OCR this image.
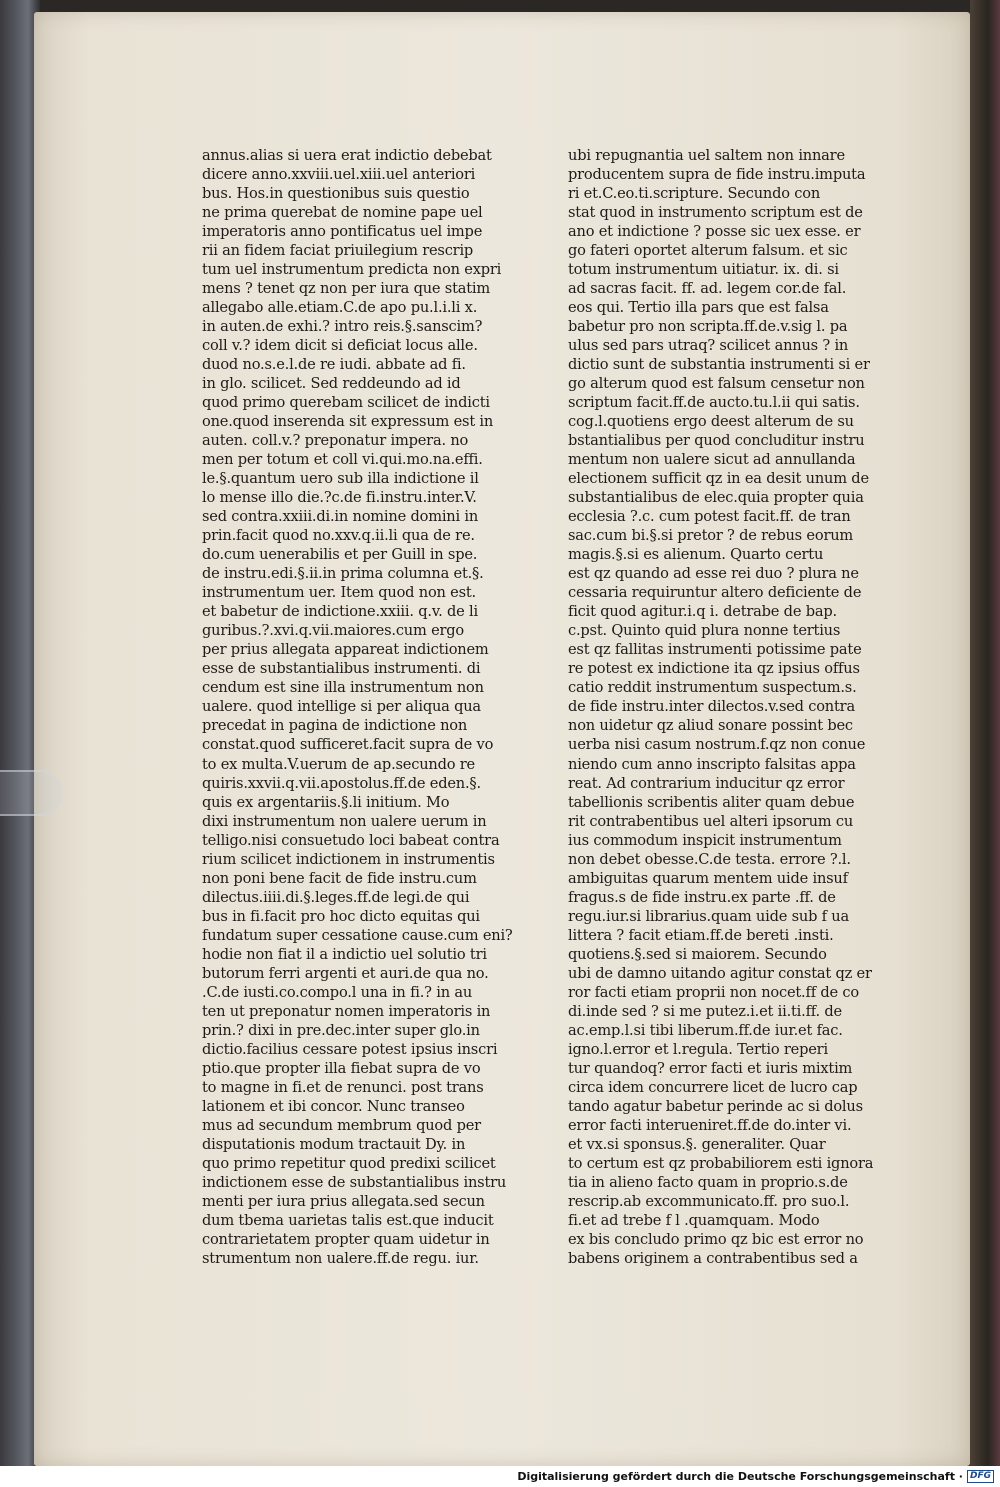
annus.alias si uera erat indictio debebat
dicere anno.xxviii.uel.xiii.uel anteriori
bus. Hos.in questionibus suis questio
ne prima querebat de nomine pape uel
imperatoris anno pontificatus uel impe
rii an fidem faciat priuilegium rescrip
tum uel instrumentum predicta non expri
mens ? tenet qz non per iura que statim
allegabo alle.etiam.C.de apo pu.l.i.li x.
in auten.de exhi.? intro reis.§.sanscim?
coll v.? idem dicit si deficiat locus alle.
duod no.s.e.l.de re iudi. abbate ad fi.
in glo. scilicet. Sed reddeundo ad id
quod primo querebam scilicet de indicti
one.quod inserenda sit expressum est in
auten. coll.v.? preponatur impera. no
men per totum et coll vi.qui.mo.na.effi.
le.§.quantum uero sub illa indictione il
lo mense illo die.?c.de fi.instru.inter.V.
sed contra.xxiii.di.in nomine domini in
prin.facit quod no.xxv.q.ii.li qua de re.
do.cum uenerabilis et per Guill in spe.
de instru.edi.§.ii.in prima columna et.§.
instrumentum uer. Item quod non est.
et babetur de indictione.xxiii. q.v. de li
guribus.?.xvi.q.vii.maiores.cum ergo
per prius allegata appareat indictionem
esse de substantialibus instrumenti. di
cendum est sine illa instrumentum non
ualere. quod intellige si per aliqua qua
precedat in pagina de indictione non
constat.quod sufficeret.facit supra de vo
to ex multa.V.uerum de ap.secundo re
quiris.xxvii.q.vii.apostolus.ff.de eden.§.
quis ex argentariis.§.li initium. Mo
dixi instrumentum non ualere uerum in
telligo.nisi consuetudo loci babeat contra
rium scilicet indictionem in instrumentis
non poni bene facit de fide instru.cum
dilectus.iiii.di.§.leges.ff.de legi.de qui
bus in fi.facit pro hoc dicto equitas qui
fundatum super cessatione cause.cum eni?
hodie non fiat il a indictio uel solutio tri
butorum ferri argenti et auri.de qua no.
.C.de iusti.co.compo.l una in fi.? in au
ten ut preponatur nomen imperatoris in
prin.? dixi in pre.dec.inter super glo.in
dictio.facilius cessare potest ipsius inscri
ptio.que propter illa fiebat supra de vo
to magne in fi.et de renunci. post trans
lationem et ibi concor. Nunc transeo
mus ad secundum membrum quod per
disputationis modum tractauit Dy. in
quo primo repetitur quod predixi scilicet
indictionem esse de substantialibus instru
menti per iura prius allegata.sed secun
dum tbema uarietas talis est.que inducit
contrarietatem propter quam uidetur in
strumentum non ualere.ff.de regu. iur.
ubi repugnantia uel saltem non innare
producentem supra de fide instru.imputa
ri et.C.eo.ti.scripture. Secundo con
stat quod in instrumento scriptum est de
ano et indictione ? posse sic uex esse. er
go fateri oportet alterum falsum. et sic
totum instrumentum uitiatur. ix. di. si
ad sacras facit. ff. ad. legem cor.de fal.
eos qui. Tertio illa pars que est falsa
babetur pro non scripta.ff.de.v.sig l. pa
ulus sed pars utraq? scilicet annus ? in
dictio sunt de substantia instrumenti si er
go alterum quod est falsum censetur non
scriptum facit.ff.de aucto.tu.l.ii qui satis.
cog.l.quotiens ergo deest alterum de su
bstantialibus per quod concluditur instru
mentum non ualere sicut ad annullanda
electionem sufficit qz in ea desit unum de
substantialibus de elec.quia propter quia
ecclesia ?.c. cum potest facit.ff. de tran
sac.cum bi.§.si pretor ? de rebus eorum
magis.§.si es alienum. Quarto certu
est qz quando ad esse rei duo ? plura ne
cessaria requiruntur altero deficiente de
ficit quod agitur.i.q i. detrabe de bap.
c.pst. Quinto quid plura nonne tertius
est qz fallitas instrumenti potissime pate
re potest ex indictione ita qz ipsius offus
catio reddit instrumentum suspectum.s.
de fide instru.inter dilectos.v.sed contra
non uidetur qz aliud sonare possint bec
uerba nisi casum nostrum.f.qz non conue
niendo cum anno inscripto falsitas appa
reat. Ad contrarium inducitur qz error
tabellionis scribentis aliter quam debue
rit contrabentibus uel alteri ipsorum cu
ius commodum inspicit instrumentum
non debet obesse.C.de testa. errore ?.l.
ambiguitas quarum mentem uide insuf
fragus.s de fide instru.ex parte .ff. de
regu.iur.si librarius.quam uide sub f ua
littera ? facit etiam.ff.de bereti .insti.
quotiens.§.sed si maiorem. Secundo
ubi de damno uitando agitur constat qz er
ror facti etiam proprii non nocet.ff de co
di.inde sed ? si me putez.i.et ii.ti.ff. de
ac.emp.l.si tibi liberum.ff.de iur.et fac.
igno.l.error et l.regula. Tertio reperi
tur quandoq? error facti et iuris mixtim
circa idem concurrere licet de lucro cap
tando agatur babetur perinde ac si dolus
error facti interueniret.ff.de do.inter vi.
et vx.si sponsus.§. generaliter. Quar
to certum est qz probabiliorem esti ignora
tia in alieno facto quam in proprio.s.de
rescrip.ab excommunicato.ff. pro suo.l.
fi.et ad trebe f l .quamquam. Modo
ex bis concludo primo qz bic est error no
babens originem a contrabentibus sed a
Digitalisierung gefördert durch die Deutsche Forschungsgemeinschaft · DFG
